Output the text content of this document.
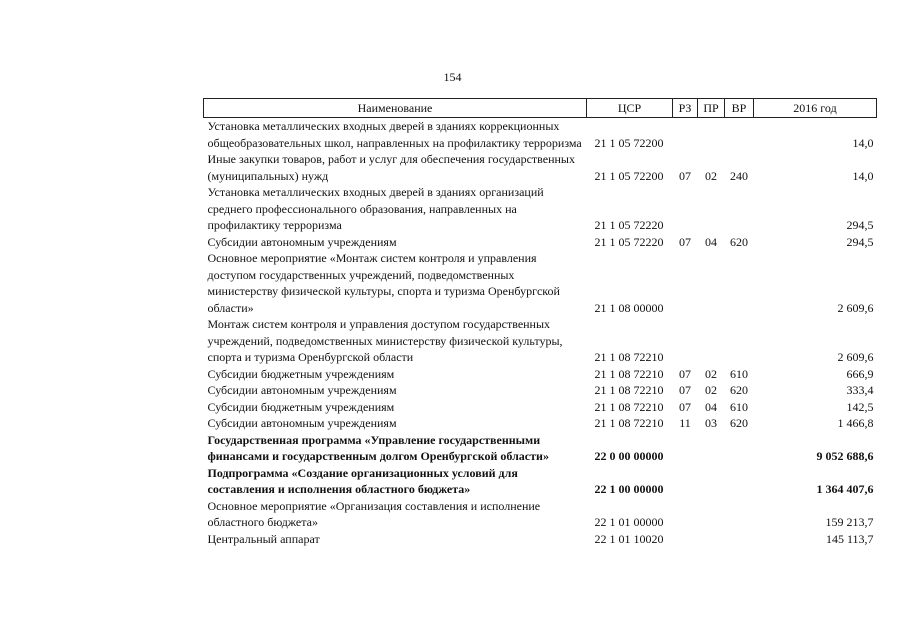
154
Наименование	ЦСР	РЗ	ПР	ВР	2016 год
Установка металлических входных дверей в зданиях коррекционных общеобразовательных школ, направленных на профилактику терроризма	21 1 05 72200				14,0
Иные закупки товаров, работ и услуг для обеспечения государственных (муниципальных) нужд	21 1 05 72200	07	02	240	14,0
Установка металлических входных дверей в зданиях организаций среднего профессионального образования, направленных на профилактику терроризма	21 1 05 72220				294,5
Субсидии автономным учреждениям	21 1 05 72220	07	04	620	294,5
Основное мероприятие «Монтаж систем контроля и управления доступом государственных учреждений, подведомственных министерству физической культуры, спорта и туризма Оренбургской области»	21 1 08 00000				2 609,6
Монтаж систем контроля и управления доступом государственных учреждений, подведомственных министерству физической культуры, спорта и туризма Оренбургской области	21 1 08 72210				2 609,6
Субсидии бюджетным учреждениям	21 1 08 72210	07	02	610	666,9
Субсидии автономным учреждениям	21 1 08 72210	07	02	620	333,4
Субсидии бюджетным учреждениям	21 1 08 72210	07	04	610	142,5
Субсидии автономным учреждениям	21 1 08 72210	11	03	620	1 466,8
Государственная программа «Управление государственными финансами и государственным долгом Оренбургской области»	22 0 00 00000				9 052 688,6
Подпрограмма «Создание организационных условий для составления и исполнения областного бюджета»	22 1 00 00000				1 364 407,6
Основное мероприятие «Организация составления и исполнение областного бюджета»	22 1 01 00000				159 213,7
Центральный аппарат	22 1 01 10020				145 113,7
